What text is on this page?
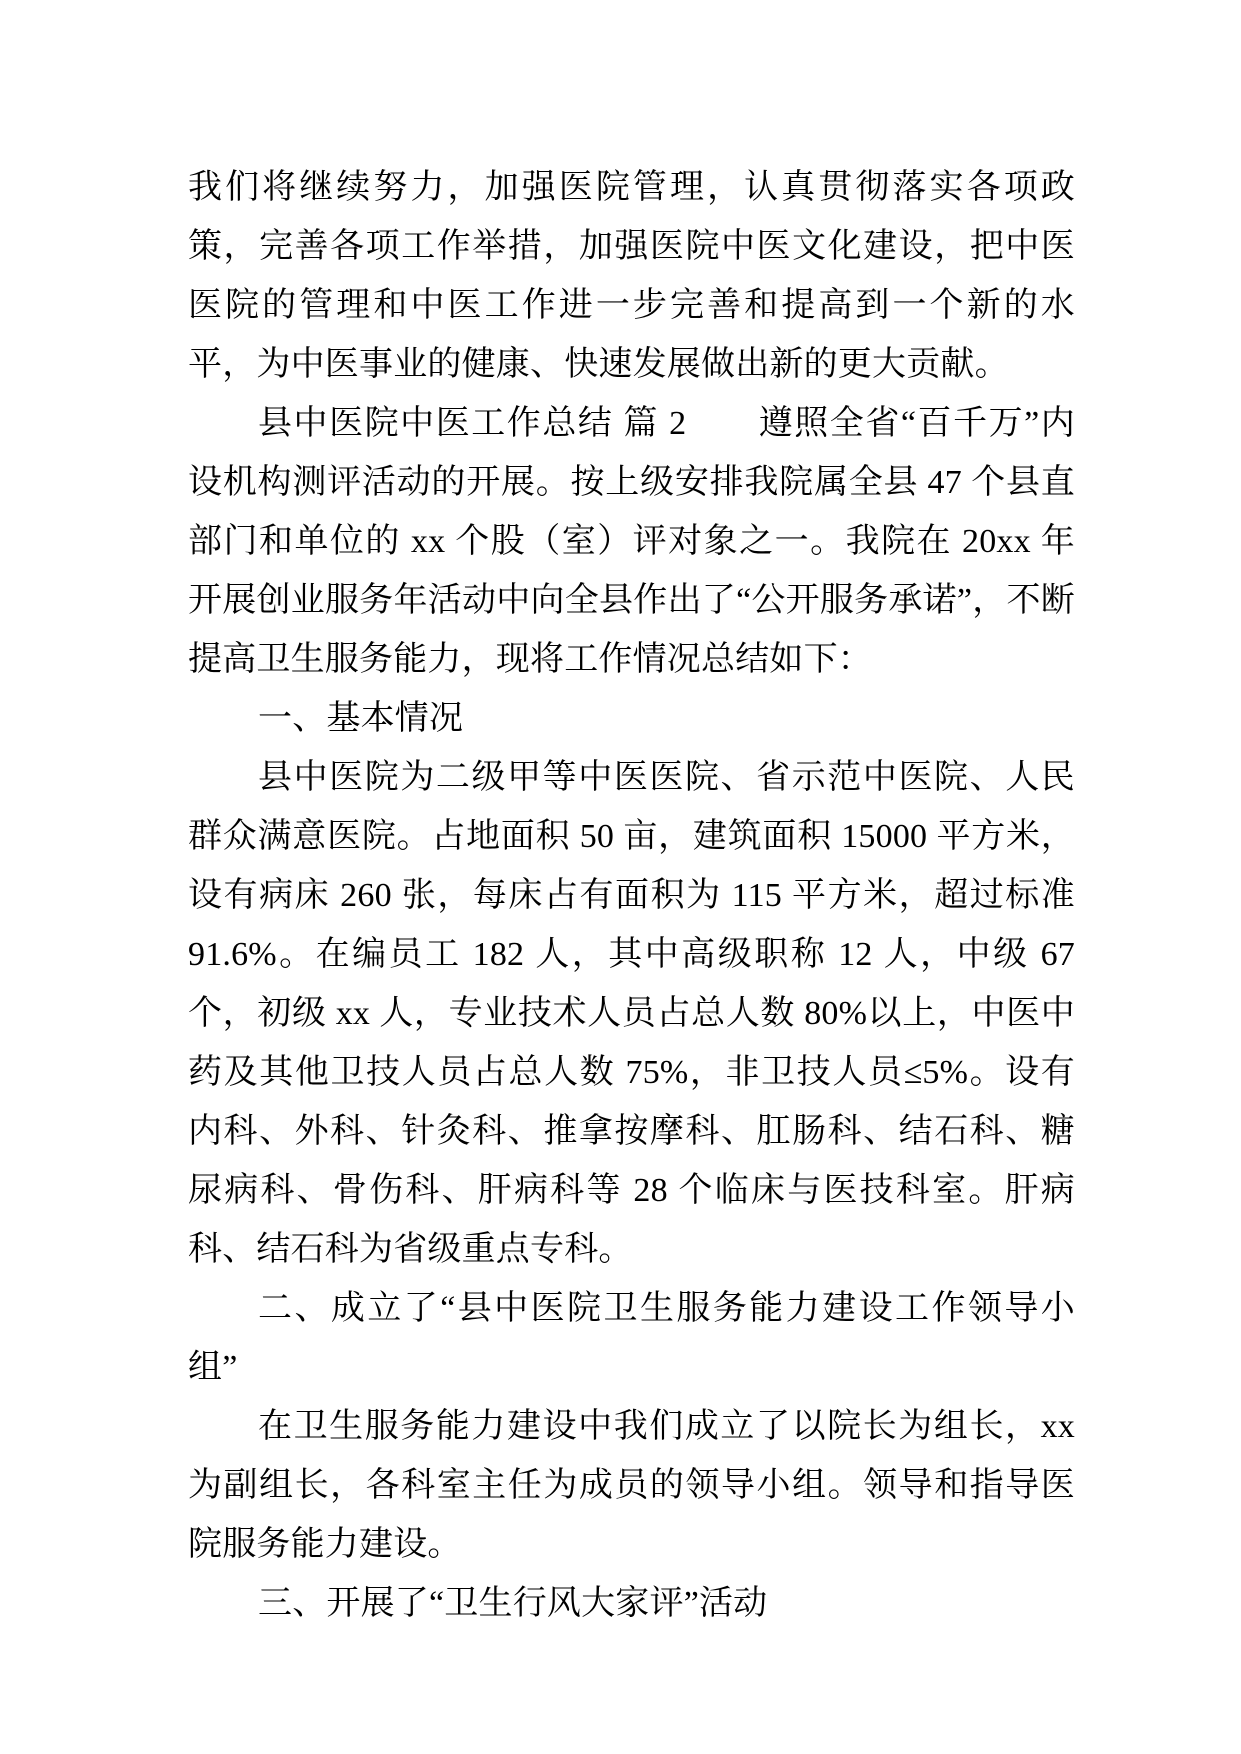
我们将继续努力，加强医院管理，认真贯彻落实各项政策，完善各项工作举措，加强医院中医文化建设，把中医医院的管理和中医工作进一步完善和提高到一个新的水平，为中医事业的健康、快速发展做出新的更大贡献。

县中医院中医工作总结 篇 2　　遵照全省“百千万”内设机构测评活动的开展。按上级安排我院属全县 47 个县直部门和单位的 xx 个股（室）评对象之一。我院在 20xx 年开展创业服务年活动中向全县作出了“公开服务承诺”，不断提高卫生服务能力，现将工作情况总结如下：

一、基本情况

县中医院为二级甲等中医医院、省示范中医院、人民群众满意医院。占地面积 50 亩，建筑面积 15000 平方米，设有病床 260 张，每床占有面积为 115 平方米，超过标准 91.6%。在编员工 182 人，其中高级职称 12 人，中级 67 个，初级 xx 人，专业技术人员占总人数 80%以上，中医中药及其他卫技人员占总人数 75%，非卫技人员≤5%。设有内科、外科、针灸科、推拿按摩科、肛肠科、结石科、糖尿病科、骨伤科、肝病科等 28 个临床与医技科室。肝病科、结石科为省级重点专科。

二、成立了“县中医院卫生服务能力建设工作领导小组”

在卫生服务能力建设中我们成立了以院长为组长，xx 为副组长，各科室主任为成员的领导小组。领导和指导医院服务能力建设。

三、开展了“卫生行风大家评”活动
